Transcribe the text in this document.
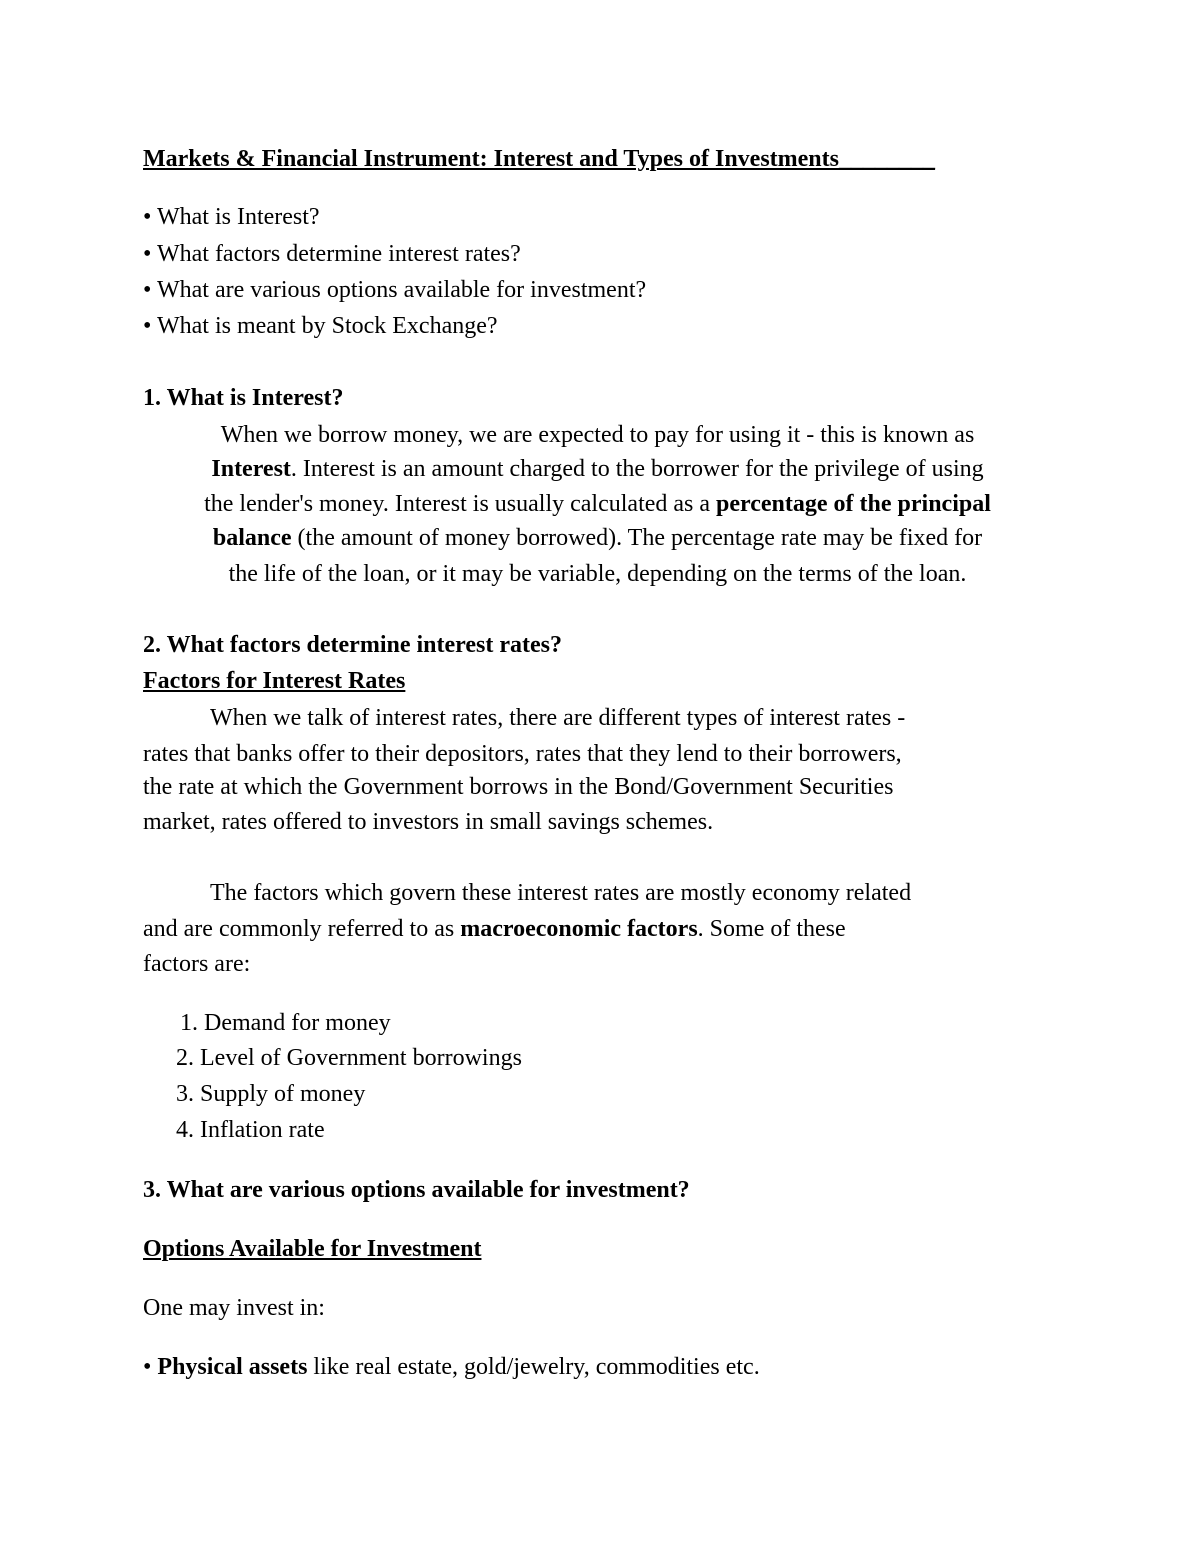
Markets & Financial Instrument: Interest and Types of Investments________
• What is Interest?
• What factors determine interest rates?
• What are various options available for investment?
• What is meant by Stock Exchange?
1. What is Interest?
When we borrow money, we are expected to pay for using it - this is known as
Interest. Interest is an amount charged to the borrower for the privilege of using
the lender's money. Interest is usually calculated as a percentage of the principal
balance (the amount of money borrowed). The percentage rate may be fixed for
the life of the loan, or it may be variable, depending on the terms of the loan.
2. What factors determine interest rates?
Factors for Interest Rates
When we talk of interest rates, there are different types of interest rates -
rates that banks offer to their depositors, rates that they lend to their borrowers,
the rate at which the Government borrows in the Bond/Government Securities
market, rates offered to investors in small savings schemes.
The factors which govern these interest rates are mostly economy related
and are commonly referred to as macroeconomic factors. Some of these
factors are:
1. Demand for money
2. Level of Government borrowings
3. Supply of money
4. Inflation rate
3. What are various options available for investment?
Options Available for Investment
One may invest in:
• Physical assets like real estate, gold/jewelry, commodities etc.
